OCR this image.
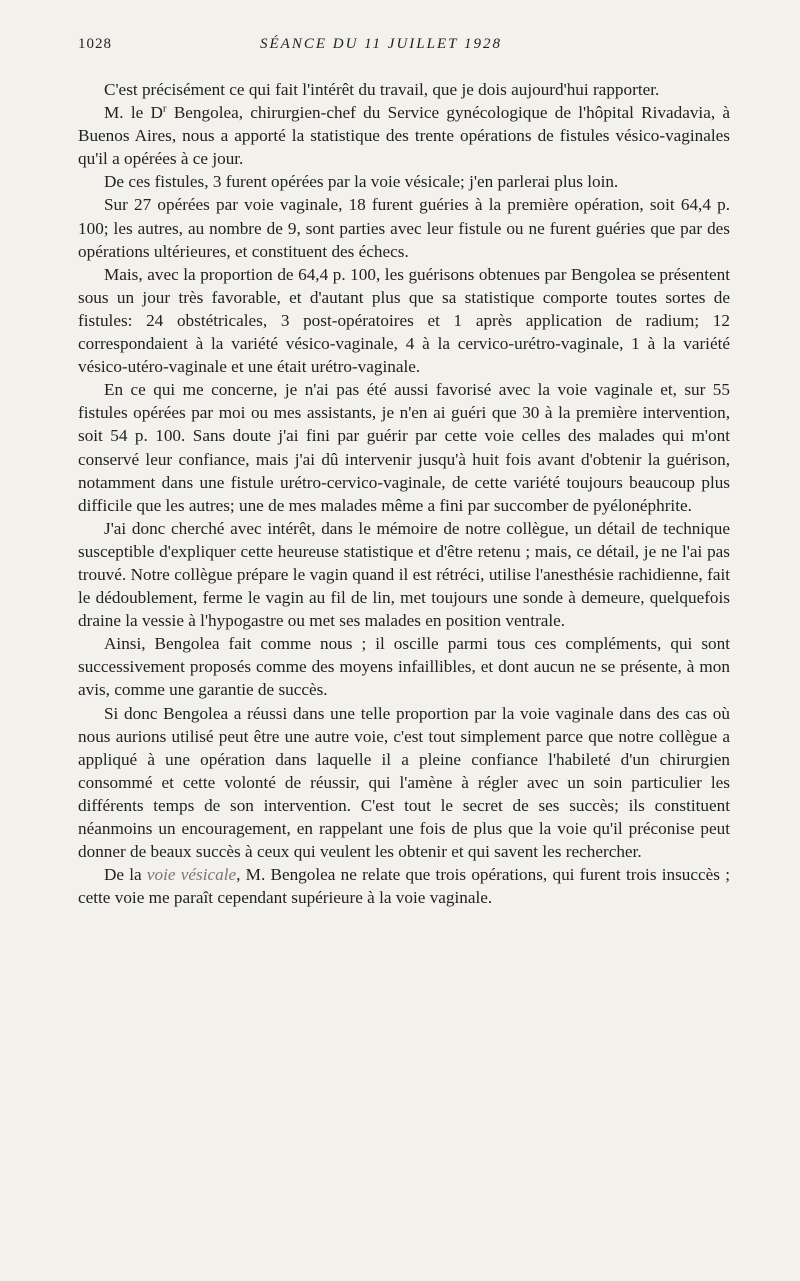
1028	SÉANCE DU 11 JUILLET 1928

C'est précisément ce qui fait l'intérêt du travail, que je dois aujourd'hui rapporter.

M. le $D^r$ Bengolea, chirurgien-chef du Service gynécologique de l'hôpital Rivadavia, à Buenos Aires, nous a apporté la statistique des trente opérations de fistules vésico-vaginales qu'il a opérées à ce jour.

De ces fistules, 3 furent opérées par la voie vésicale; j'en parlerai plus loin.

Sur 27 opérées par voie vaginale, 18 furent guéries à la première opération, soit 64,4 p. 100; les autres, au nombre de 9, sont parties avec leur fistule ou ne furent guéries que par des opérations ultérieures, et constituent des échecs.

Mais, avec la proportion de 64,4 p. 100, les guérisons obtenues par Bengolea se présentent sous un jour très favorable, et d'autant plus que sa statistique comporte toutes sortes de fistules: 24 obstétricales, 3 post-opératoires et 1 après application de radium; 12 correspondaient à la variété vésico-vaginale, 4 à la cervico-urétro-vaginale, 1 à la variété vésico-utéro-vaginale et une était urétro-vaginale.

En ce qui me concerne, je n'ai pas été aussi favorisé avec la voie vaginale et, sur 55 fistules opérées par moi ou mes assistants, je n'en ai guéri que 30 à la première intervention, soit 54 p. 100. Sans doute j'ai fini par guérir par cette voie celles des malades qui m'ont conservé leur confiance, mais j'ai dû intervenir jusqu'à huit fois avant d'obtenir la guérison, notamment dans une fistule urétro-cervico-vaginale, de cette variété toujours beaucoup plus difficile que les autres; une de mes malades même a fini par succomber de pyélonéphrite.

J'ai donc cherché avec intérêt, dans le mémoire de notre collègue, un détail de technique susceptible d'expliquer cette heureuse statistique et d'être retenu ; mais, ce détail, je ne l'ai pas trouvé. Notre collègue prépare le vagin quand il est rétréci, utilise l'anesthésie rachidienne, fait le dédoublement, ferme le vagin au fil de lin, met toujours une sonde à demeure, quelquefois draine la vessie à l'hypogastre ou met ses malades en position ventrale.

Ainsi, Bengolea fait comme nous ; il oscille parmi tous ces compléments, qui sont successivement proposés comme des moyens infaillibles, et dont aucun ne se présente, à mon avis, comme une garantie de succès.

Si donc Bengolea a réussi dans une telle proportion par la voie vaginale dans des cas où nous aurions utilisé peut être une autre voie, c'est tout simplement parce que notre collègue a appliqué à une opération dans laquelle il a pleine confiance l'habileté d'un chirurgien consommé et cette volonté de réussir, qui l'amène à régler avec un soin particulier les différents temps de son intervention. C'est tout le secret de ses succès; ils constituent néanmoins un encouragement, en rappelant une fois de plus que la voie qu'il préconise peut donner de beaux succès à ceux qui veulent les obtenir et qui savent les rechercher.

De la voie vésicale, M. Bengolea ne relate que trois opérations, qui furent trois insuccès ; cette voie me paraît cependant supérieure à la voie vaginale.
